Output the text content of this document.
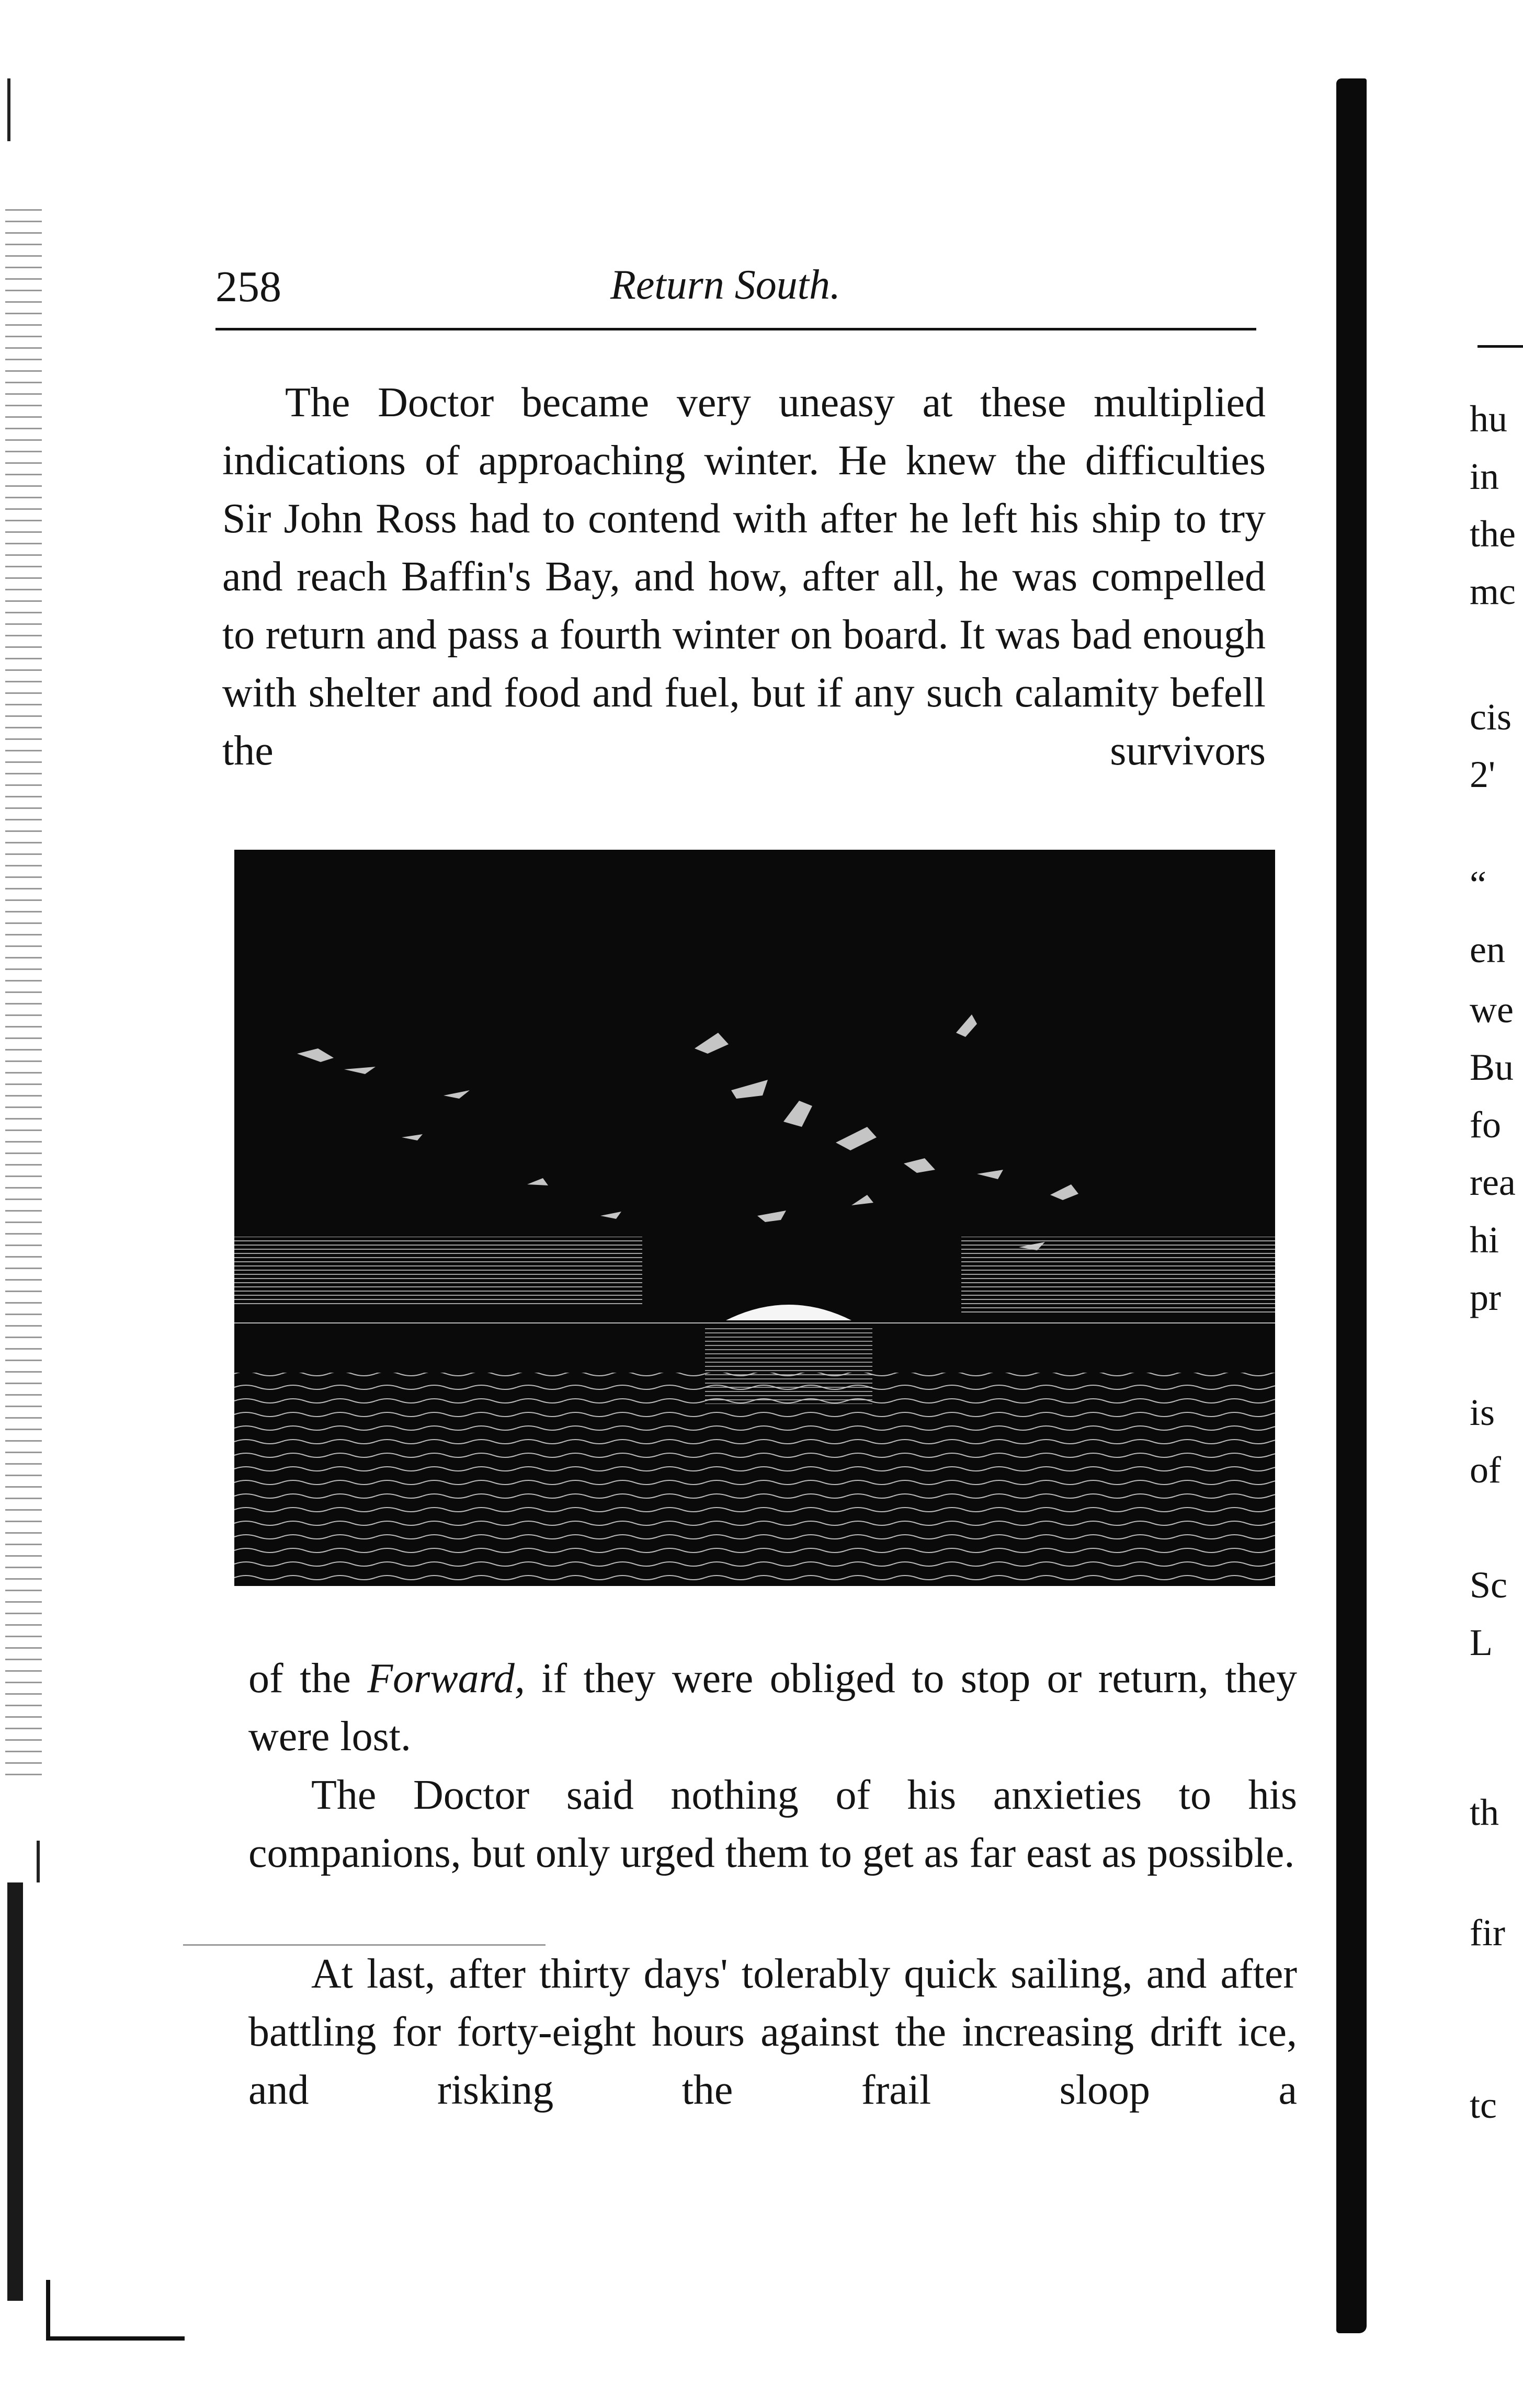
258	Return South.

The Doctor became very uneasy at these multiplied indications of approaching winter. He knew the difficulties Sir John Ross had to contend with after he left his ship to try and reach Baffin's Bay, and how, after all, he was compelled to return and pass a fourth winter on board. It was bad enough with shelter and food and fuel, but if any such calamity befell the survivors

of the Forward, if they were obliged to stop or return, they were lost.

The Doctor said nothing of his anxieties to his companions, but only urged them to get as far east as possible.

At last, after thirty days' tolerably quick sailing, and after battling for forty-eight hours against the increasing drift ice, and risking the frail sloop a

hu
in
the
mc
cis
2'
“
en
we
Bu
fo
rea
hi
pr
is
of
Sc
L
th
fir
tc
